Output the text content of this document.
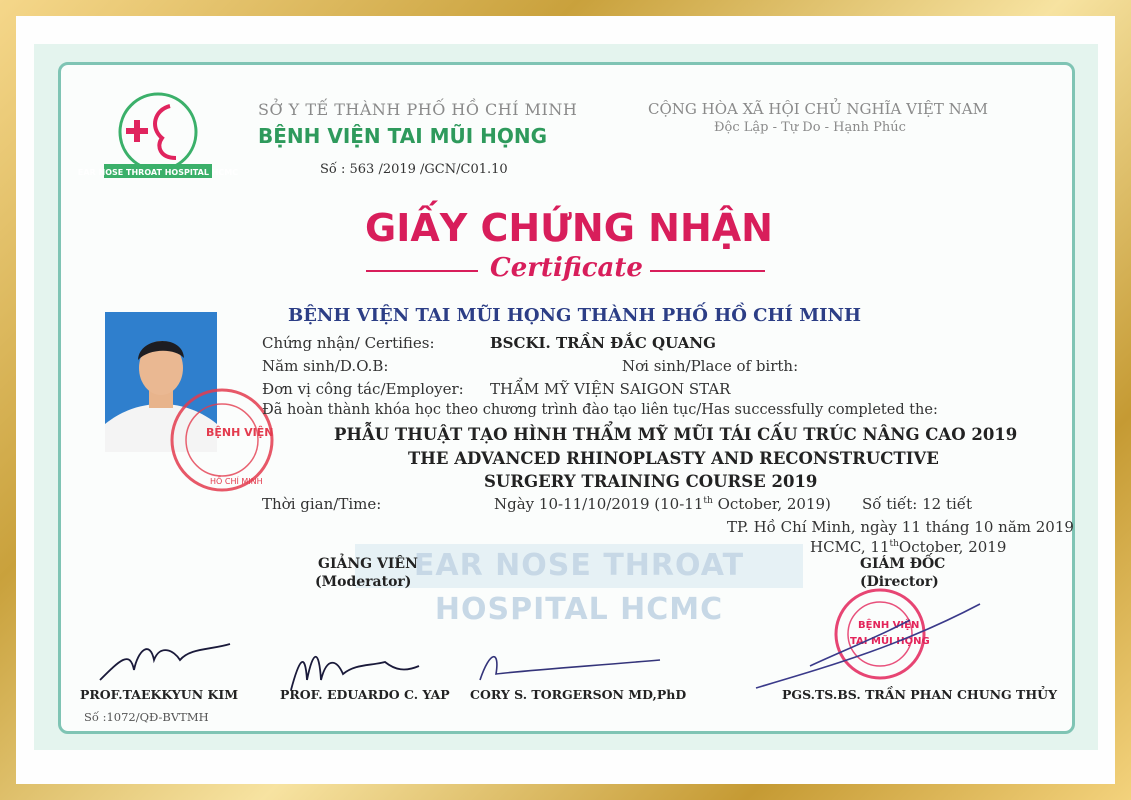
EAR NOSE THROAT HOSPITAL HCMC
SỞ Y TẾ THÀNH PHỐ HỒ CHÍ MINH
BỆNH VIỆN TAI MŨI HỌNG
Số : 563 /2019 /GCN/C01.10
CỘNG HÒA XÃ HỘI CHỦ NGHĨA VIỆT NAM
Độc Lập - Tự Do - Hạnh Phúc
GIẤY CHỨNG NHẬN
Certificate
BỆNH VIỆN TAI MŨI HỌNG THÀNH PHỐ HỒ CHÍ MINH
BỆNH VIỆN
HỒ CHÍ MINH
Chứng nhận/ Certifies:	BSCKI. TRẦN ĐẮC QUANG
Năm sinh/D.O.B:	Nơi sinh/Place of birth:
Đơn vị công tác/Employer: THẨM MỸ VIỆN SAIGON STAR
Đã hoàn thành khóa học theo chương trình đào tạo liên tục/Has successfully completed the:
PHẪU THUẬT TẠO HÌNH THẨM MỸ MŨI TÁI CẤU TRÚC NÂNG CAO 2019
THE ADVANCED RHINOPLASTY AND RECONSTRUCTIVE
SURGERY TRAINING COURSE 2019
Thời gian/Time:	Ngày 10-11/10/2019 (10-11th October, 2019) Số tiết: 12 tiết
TP. Hồ Chí Minh, ngày 11 tháng 10 năm 2019
HCMC, 11thOctober, 2019
EAR NOSE THROAT HOSPITAL HCMC
GIẢNG VIÊN
(Moderator)
GIÁM ĐỐC
(Director)
BỆNH VIỆN
TAI MŨI HỌNG
PROF.TAEKKYUN KIM	PROF. EDUARDO C. YAP CORY S. TORGERSON MD,PhD	PGS.TS.BS. TRẦN PHAN CHUNG THỦY
Số :1072/QĐ-BVTMH
